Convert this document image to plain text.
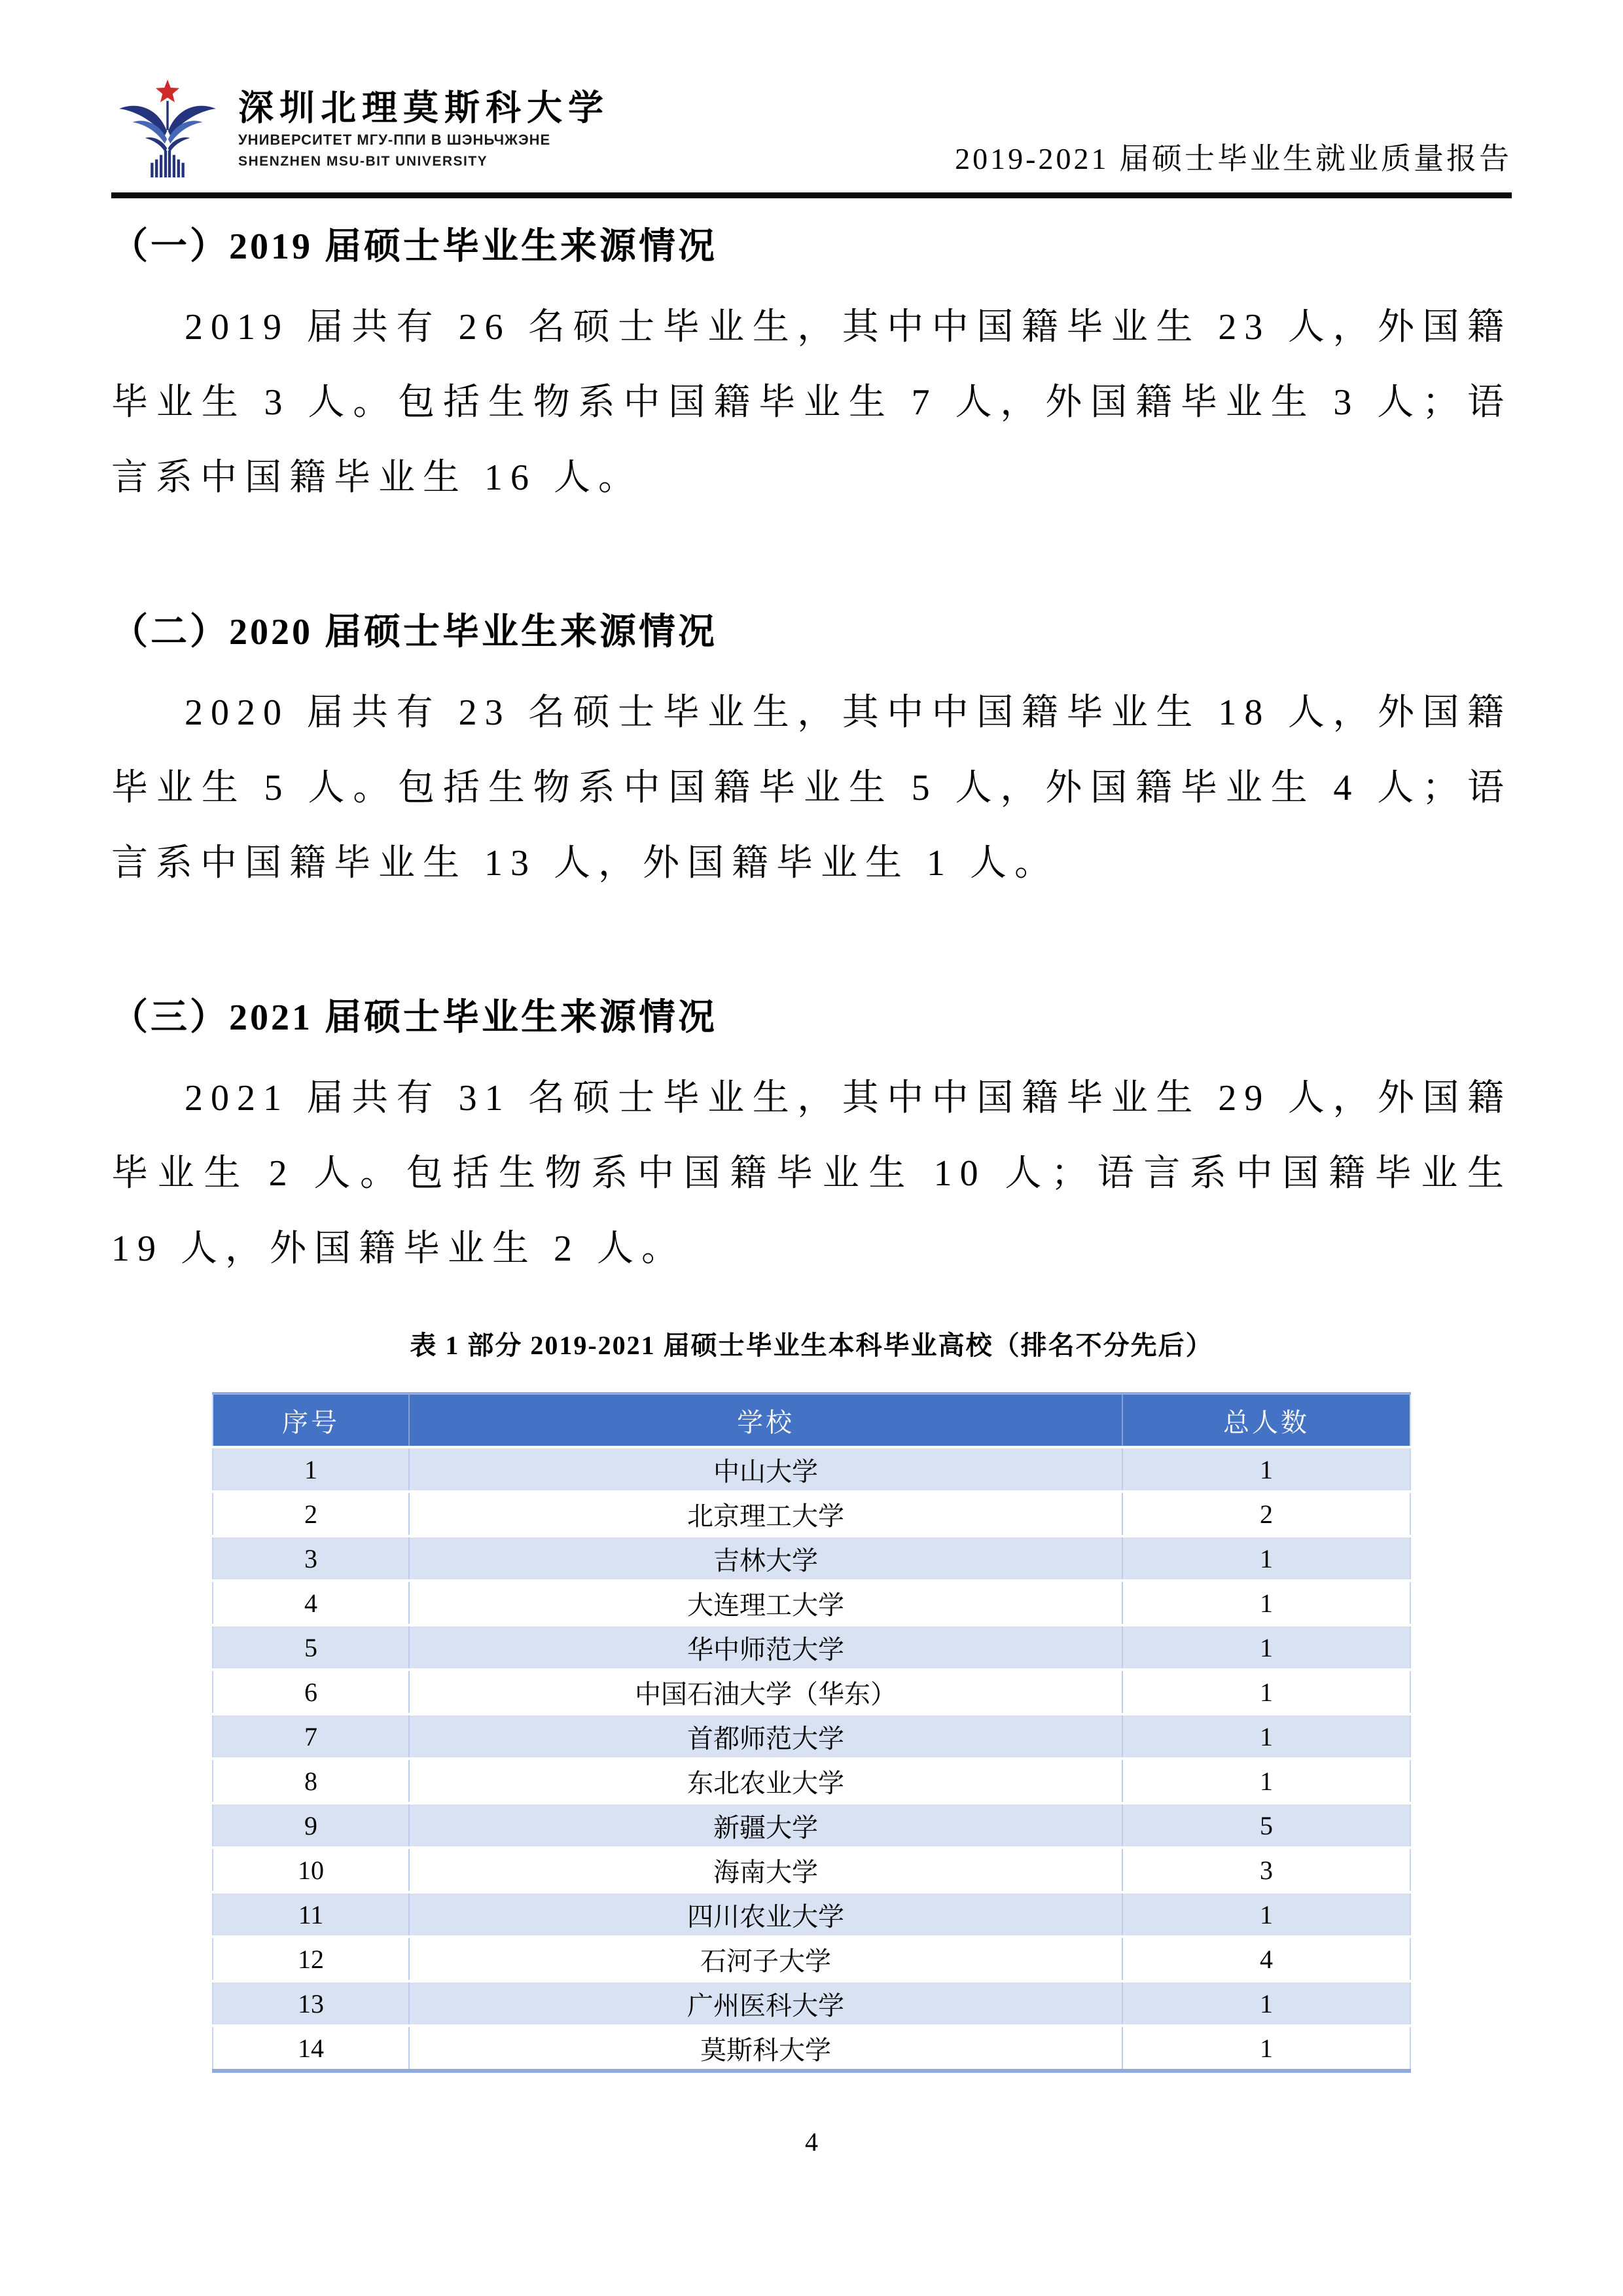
深圳北理莫斯科大学
УНИВЕРСИТЕТ МГУ-ППИ В ШЭНЬЧЖЭНЕ
SHENZHEN MSU-BIT UNIVERSITY	2019-2021 届硕士毕业生就业质量报告
（一）2019 届硕士毕业生来源情况

2019 届共有 26 名硕士毕业生，其中中国籍毕业生 23 人，外国籍毕业生 3 人。包括生物系中国籍毕业生 7 人，外国籍毕业生 3 人；语言系中国籍毕业生 16 人。

（二）2020 届硕士毕业生来源情况

2020 届共有 23 名硕士毕业生，其中中国籍毕业生 18 人，外国籍毕业生 5 人。包括生物系中国籍毕业生 5 人，外国籍毕业生 4 人；语言系中国籍毕业生 13 人，外国籍毕业生 1 人。

（三）2021 届硕士毕业生来源情况

2021 届共有 31 名硕士毕业生，其中中国籍毕业生 29 人，外国籍毕业生 2 人。包括生物系中国籍毕业生 10 人；语言系中国籍毕业生 19 人，外国籍毕业生 2 人。

表 1 部分 2019-2021 届硕士毕业生本科毕业高校（排名不分先后）
序号	学校	总人数
1	中山大学	1
2	北京理工大学	2
3	吉林大学	1
4	大连理工大学	1
5	华中师范大学	1
6	中国石油大学（华东）	1
7	首都师范大学	1
8	东北农业大学	1
9	新疆大学	5
10	海南大学	3
11	四川农业大学	1
12	石河子大学	4
13	广州医科大学	1
14	莫斯科大学	1
4
